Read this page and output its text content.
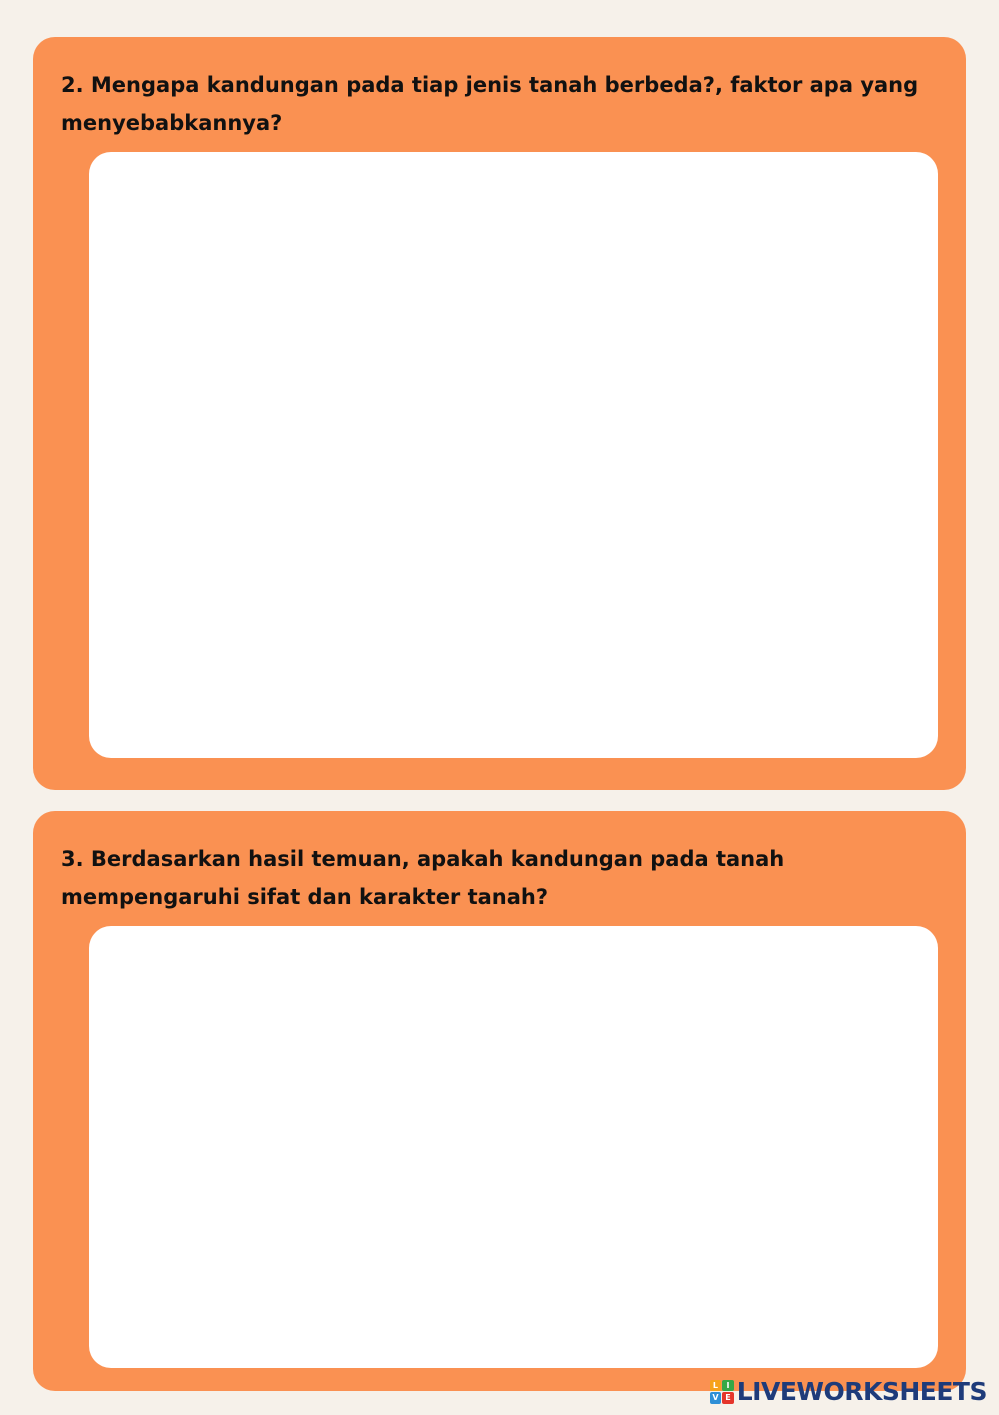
2. Mengapa kandungan pada tiap jenis tanah berbeda?, faktor apa yang menyebabkannya?

3. Berdasarkan hasil temuan, apakah kandungan pada tanah mempengaruhi sifat dan karakter tanah?

L	I
V E LIVEWORKSHEETS
